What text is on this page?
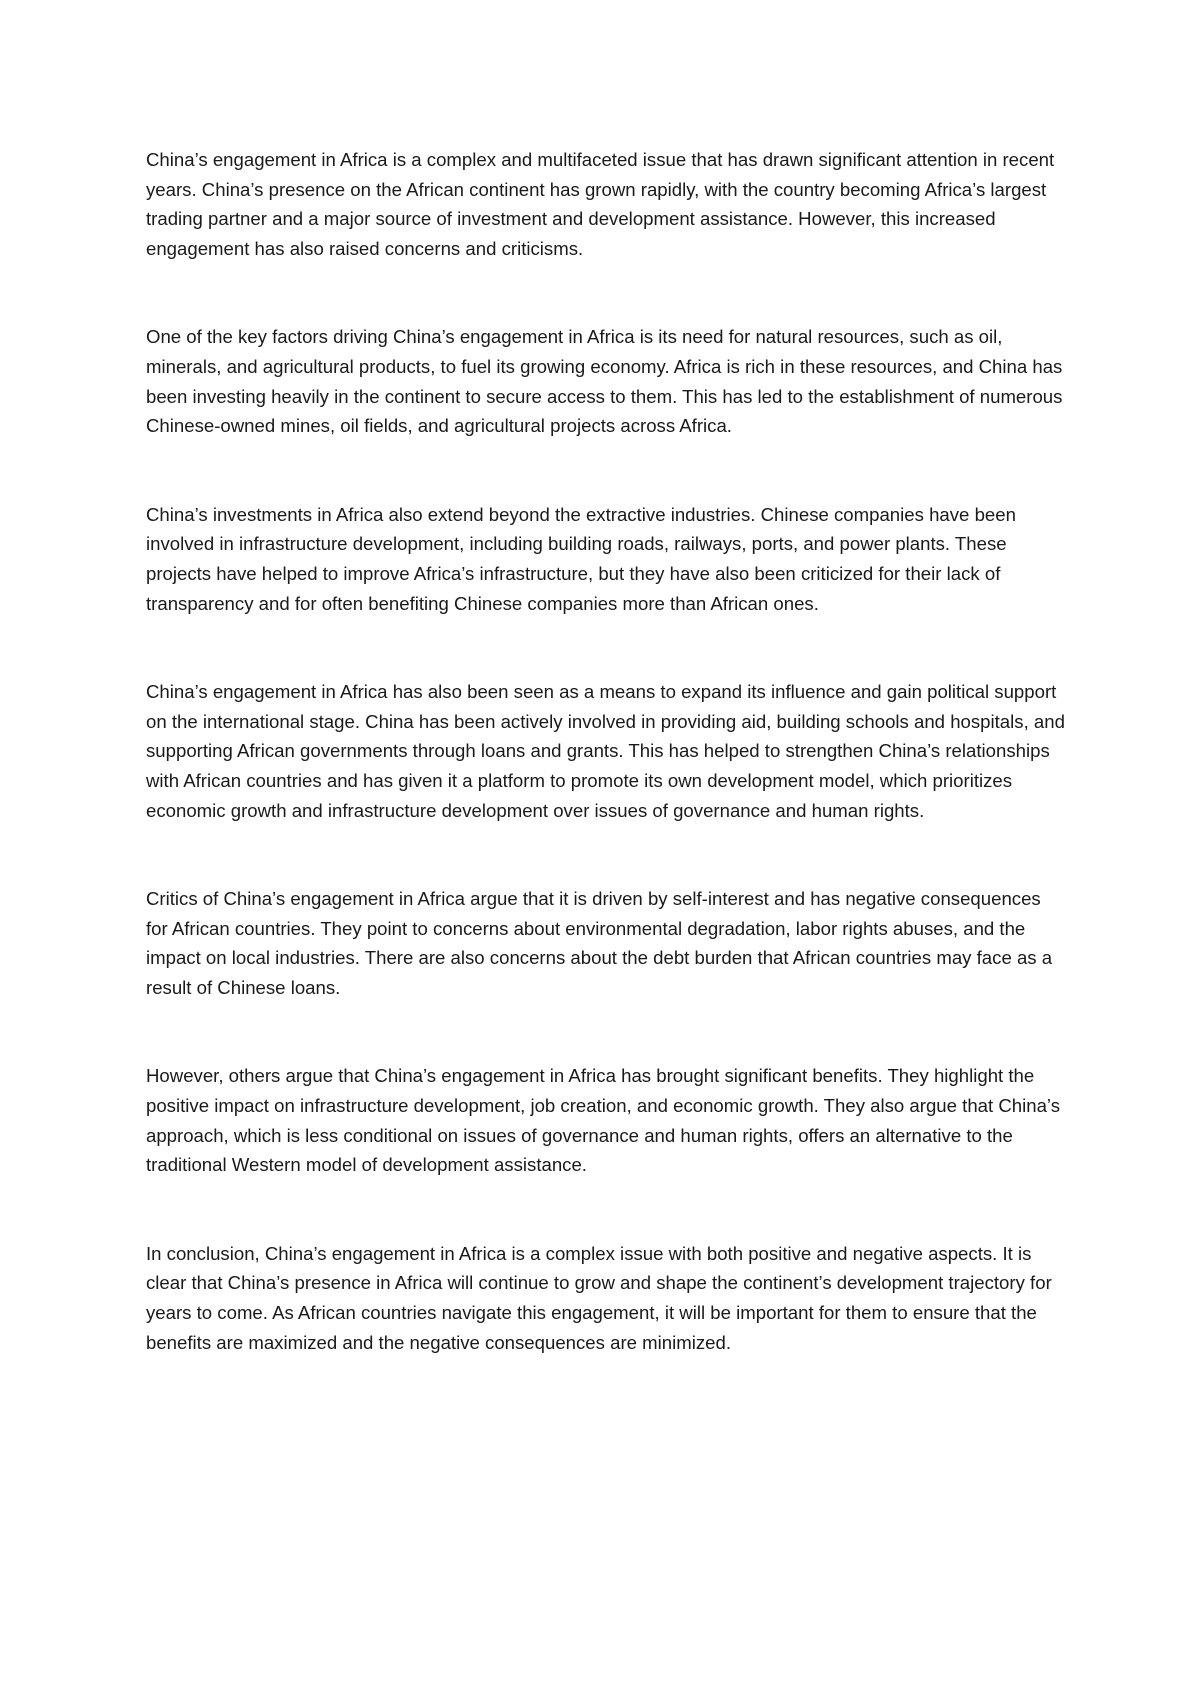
China’s engagement in Africa is a complex and multifaceted issue that has drawn significant attention in recent years. China’s presence on the African continent has grown rapidly, with the country becoming Africa’s largest trading partner and a major source of investment and development assistance. However, this increased engagement has also raised concerns and criticisms.

One of the key factors driving China’s engagement in Africa is its need for natural resources, such as oil, minerals, and agricultural products, to fuel its growing economy. Africa is rich in these resources, and China has been investing heavily in the continent to secure access to them. This has led to the establishment of numerous Chinese-owned mines, oil fields, and agricultural projects across Africa.

China’s investments in Africa also extend beyond the extractive industries. Chinese companies have been involved in infrastructure development, including building roads, railways, ports, and power plants. These projects have helped to improve Africa’s infrastructure, but they have also been criticized for their lack of transparency and for often benefiting Chinese companies more than African ones.

China’s engagement in Africa has also been seen as a means to expand its influence and gain political support on the international stage. China has been actively involved in providing aid, building schools and hospitals, and supporting African governments through loans and grants. This has helped to strengthen China’s relationships with African countries and has given it a platform to promote its own development model, which prioritizes economic growth and infrastructure development over issues of governance and human rights.

Critics of China’s engagement in Africa argue that it is driven by self-interest and has negative consequences for African countries. They point to concerns about environmental degradation, labor rights abuses, and the impact on local industries. There are also concerns about the debt burden that African countries may face as a result of Chinese loans.

However, others argue that China’s engagement in Africa has brought significant benefits. They highlight the positive impact on infrastructure development, job creation, and economic growth. They also argue that China’s approach, which is less conditional on issues of governance and human rights, offers an alternative to the traditional Western model of development assistance.

In conclusion, China’s engagement in Africa is a complex issue with both positive and negative aspects. It is clear that China’s presence in Africa will continue to grow and shape the continent’s development trajectory for years to come. As African countries navigate this engagement, it will be important for them to ensure that the benefits are maximized and the negative consequences are minimized.
